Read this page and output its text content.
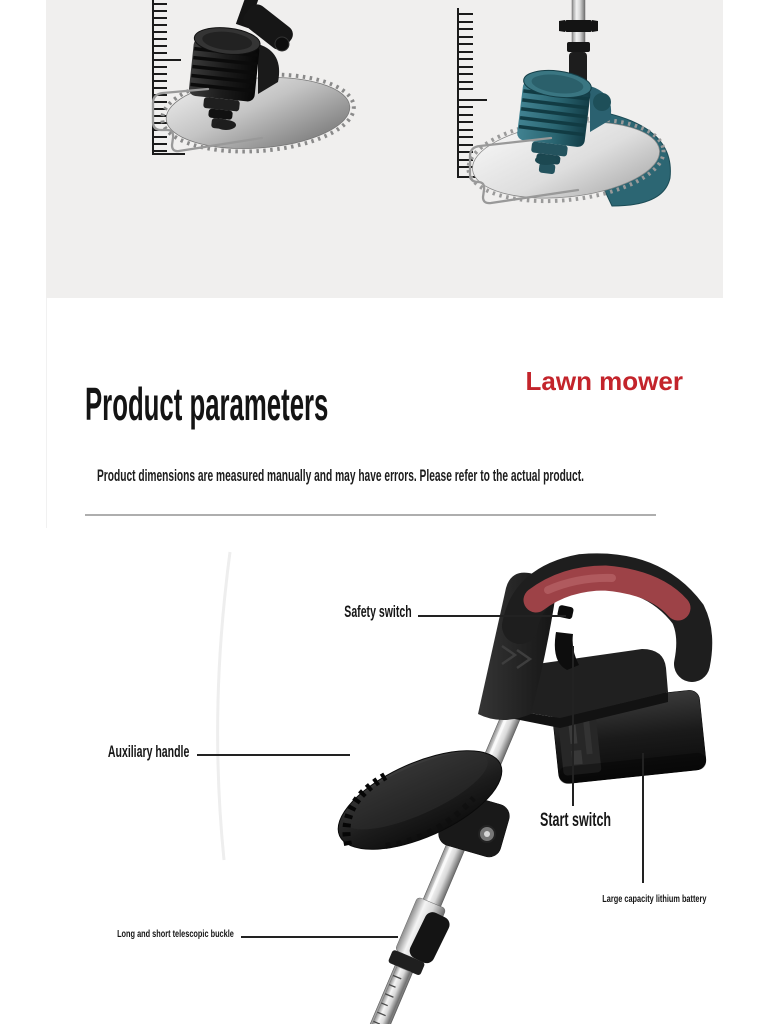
Lawn mower
Product parameters
Product dimensions are measured manually and may have errors. Please refer to the actual product.
Safety switch
Auxiliary handle
Start switch
Large capacity lithium battery
Long and short telescopic buckle
